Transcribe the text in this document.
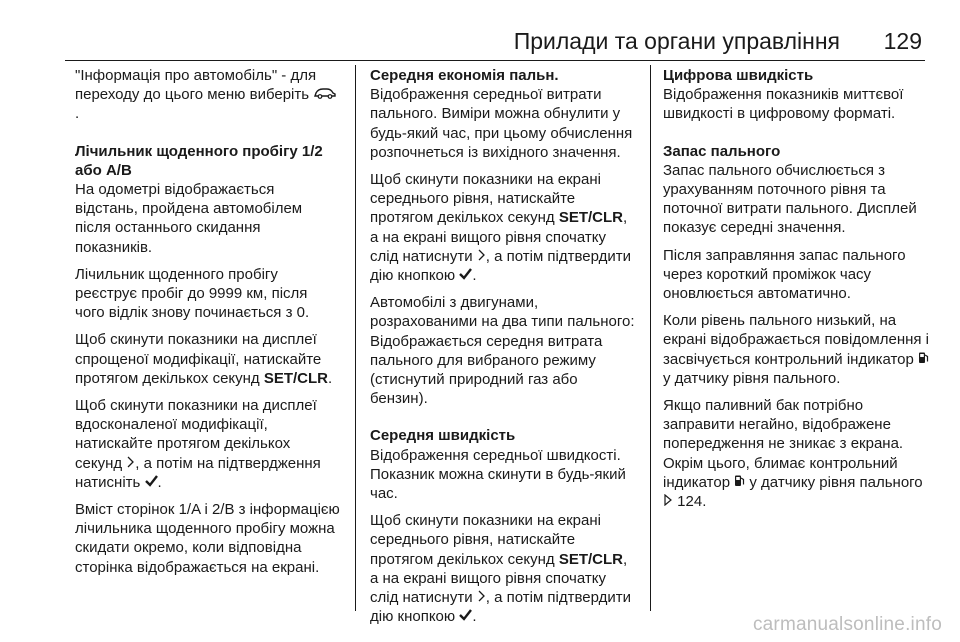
Прилади та органи управління 129

"Інформація про автомобіль" - для переходу до цього меню виберіть .

Лічильник щоденного пробігу 1/2 або A/B

На одометрі відображається відстань, пройдена автомобілем після останнього скидання показників.

Лічильник щоденного пробігу реєструє пробіг до 9999 км, після чого відлік знову починається з 0.

Щоб скинути показники на дисплеї спрощеної модифікації, натискайте протягом декількох секунд SET/CLR.

Щоб скинути показники на дисплеї вдосконаленої модифікації, натискайте протягом декількох секунд , а потім на підтвердження натисніть .

Вміст сторінок 1/A і 2/B з інформацією лічильника щоденного пробігу можна скидати окремо, коли відповідна сторінка відображається на екрані.

Середня економія пальн.

Відображення середньої витрати пального. Виміри можна обнулити у будь-який час, при цьому обчислення розпочнеться із вихідного значення.

Щоб скинути показники на екрані середнього рівня, натискайте протягом декількох секунд SET/CLR, а на екрані вищого рівня спочатку слід натиснути , а потім підтвердити дію кнопкою .

Автомобілі з двигунами, розрахованими на два типи пального: Відображається середня витрата пального для вибраного режиму (стиснутий природний газ або бензин).

Середня швидкість

Відображення середньої швидкості. Показник можна скинути в будь-який час.

Щоб скинути показники на екрані середнього рівня, натискайте протягом декількох секунд SET/CLR, а на екрані вищого рівня спочатку слід натиснути , а потім підтвердити дію кнопкою .

Цифрова швидкість

Відображення показників миттєвої швидкості в цифровому форматі.

Запас пального

Запас пального обчислюється з урахуванням поточного рівня та поточної витрати пального. Дисплей показує середні значення.

Після заправляння запас пального через короткий проміжок часу оновлюється автоматично.

Коли рівень пального низький, на екрані відображається повідомлення і засвічується контрольний індикатор  у датчику рівня пального.

Якщо паливний бак потрібно заправити негайно, відображене попередження не зникає з екрана. Окрім цього, блимає контрольний індикатор  у датчику рівня пального  124.

carmanualsonline.info
